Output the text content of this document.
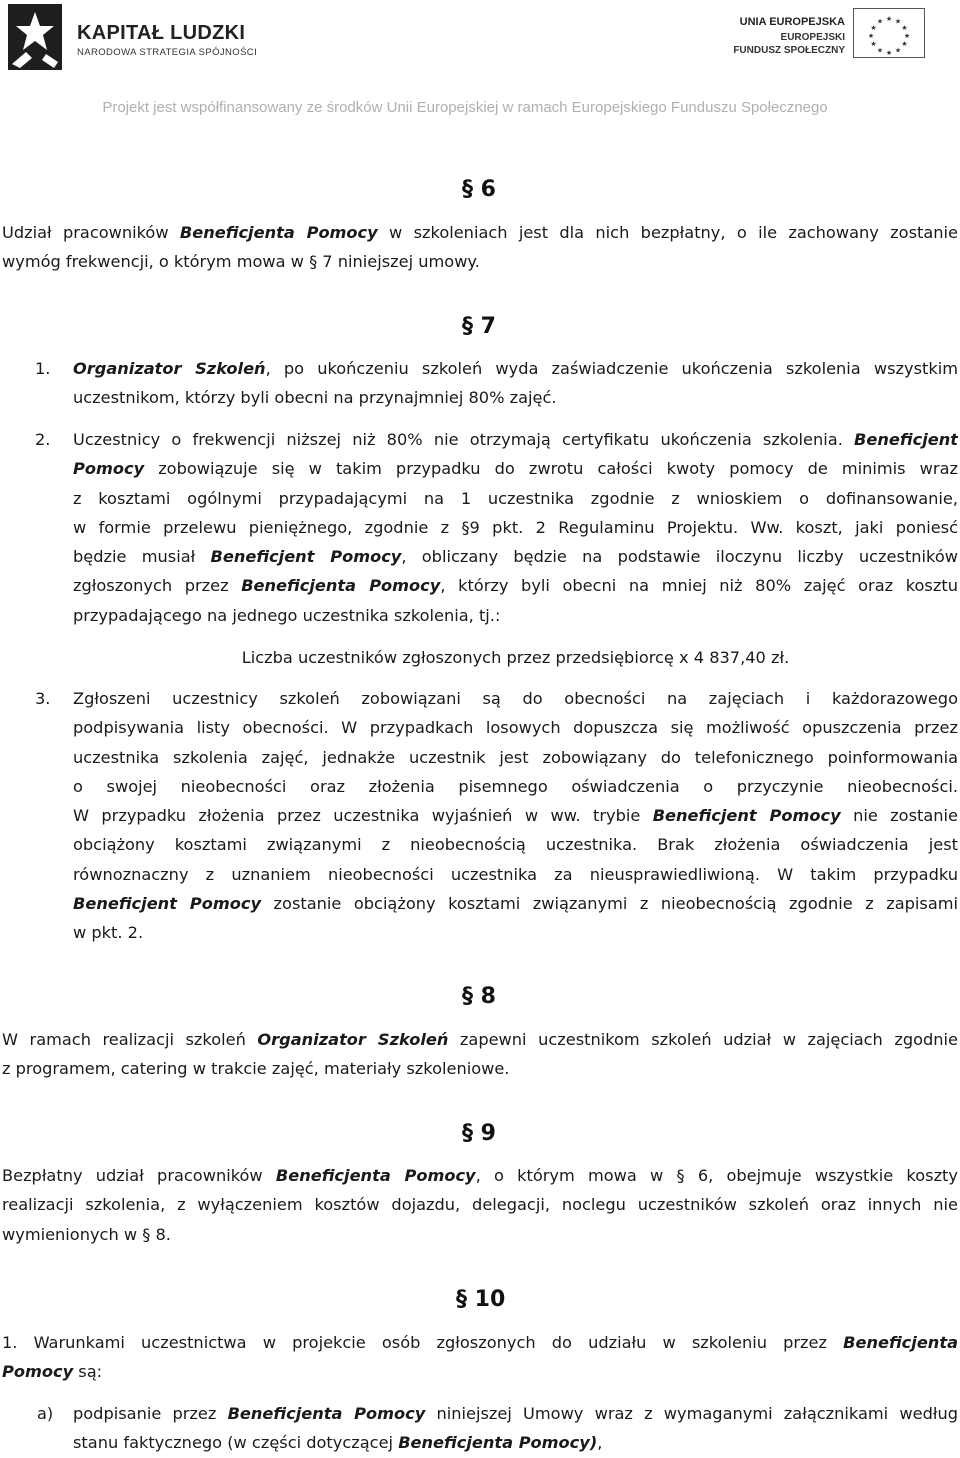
KAPITAŁ LUDZKI
NARODOWA STRATEGIA SPÓJNOŚCI
UNIA EUROPEJSKA
EUROPEJSKI
FUNDUSZ SPOŁECZNY
★ ★
★
★
★
★
★
★
★
★
★
★
Projekt jest współfinansowany ze środków Unii Europejskiej w ramach Europejskiego Funduszu Społecznego
§ 6
Udział pracowników Beneficjenta Pomocy w szkoleniach jest dla nich bezpłatny, o ile zachowany zostanie
wymóg frekwencji, o którym mowa w § 7 niniejszej umowy.
§ 7
1. Organizator Szkoleń, po ukończeniu szkoleń wyda zaświadczenie ukończenia szkolenia wszystkim
uczestnikom, którzy byli obecni na przynajmniej 80% zajęć.
2. Uczestnicy o frekwencji niższej niż 80% nie otrzymają certyfikatu ukończenia szkolenia. Beneficjent
Pomocy zobowiązuje się w takim przypadku do zwrotu całości kwoty pomocy de minimis wraz
z kosztami ogólnymi przypadającymi na 1 uczestnika zgodnie z wnioskiem o dofinansowanie,
w formie przelewu pieniężnego, zgodnie z §9 pkt. 2 Regulaminu Projektu. Ww. koszt, jaki poniesć
będzie musiał Beneficjent Pomocy, obliczany będzie na podstawie iloczynu liczby uczestników
zgłoszonych przez Beneficjenta Pomocy, którzy byli obecni na mniej niż 80% zajęć oraz kosztu
przypadającego na jednego uczestnika szkolenia, tj.:
Liczba uczestników zgłoszonych przez przedsiębiorcę x 4 837,40 zł.
3. Zgłoszeni uczestnicy szkoleń zobowiązani są do obecności na zajęciach i każdorazowego
podpisywania listy obecności. W przypadkach losowych dopuszcza się możliwość opuszczenia przez
uczestnika szkolenia zajęć, jednakże uczestnik jest zobowiązany do telefonicznego poinformowania
o swojej nieobecności oraz złożenia pisemnego oświadczenia o przyczynie nieobecności.
W przypadku złożenia przez uczestnika wyjaśnień w ww. trybie Beneficjent Pomocy nie zostanie
obciążony kosztami związanymi z nieobecnością uczestnika. Brak złożenia oświadczenia jest
równoznaczny z uznaniem nieobecności uczestnika za nieusprawiedliwioną. W takim przypadku
Beneficjent Pomocy zostanie obciążony kosztami związanymi z nieobecnością zgodnie z zapisami
w pkt. 2.
§ 8
W ramach realizacji szkoleń Organizator Szkoleń zapewni uczestnikom szkoleń udział w zajęciach zgodnie
z programem, catering w trakcie zajęć, materiały szkoleniowe.
§ 9
Bezpłatny udział pracowników Beneficjenta Pomocy, o którym mowa w § 6, obejmuje wszystkie koszty
realizacji szkolenia, z wyłączeniem kosztów dojazdu, delegacji, noclegu uczestników szkoleń oraz innych nie
wymienionych w § 8.
§ 10
1. Warunkami uczestnictwa w projekcie osób zgłoszonych do udziału w szkoleniu przez Beneficjenta
Pomocy są:
a) podpisanie przez Beneficjenta Pomocy niniejszej Umowy wraz z wymaganymi załącznikami według
stanu faktycznego (w części dotyczącej Beneficjenta Pomocy),
